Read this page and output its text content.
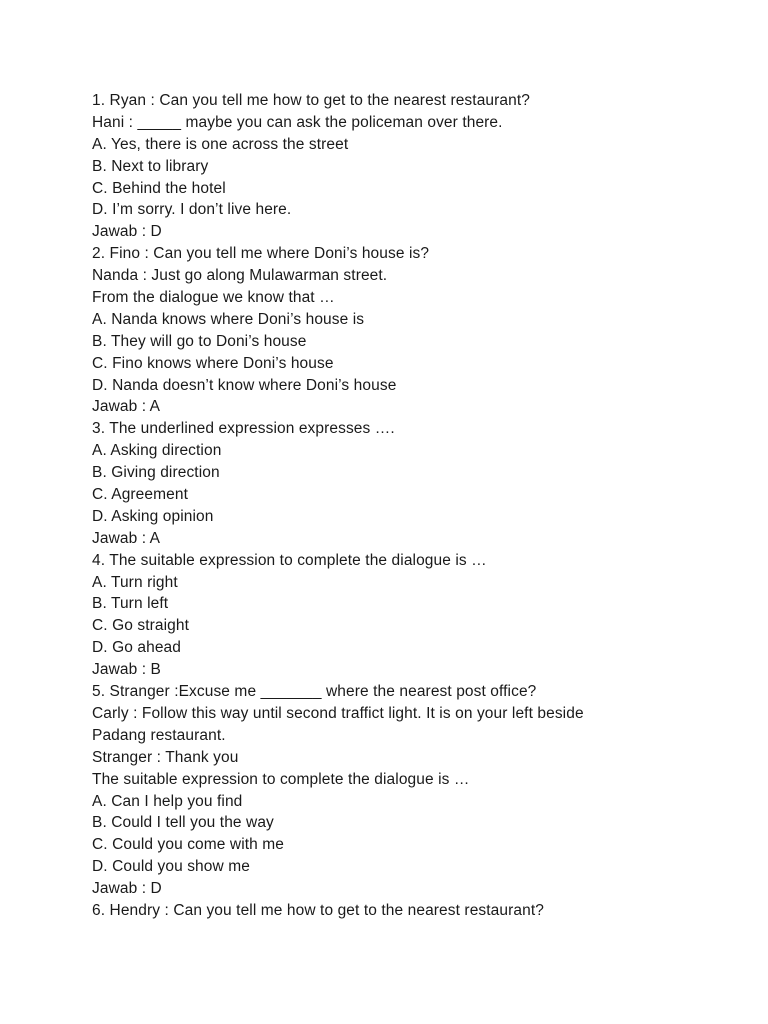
1. Ryan : Can you tell me how to get to the nearest restaurant?
Hani : _____ maybe you can ask the policeman over there.
A. Yes, there is one across the street
B. Next to library
C. Behind the hotel
D. I’m sorry. I don’t live here.
Jawab : D
2. Fino : Can you tell me where Doni’s house is?
Nanda : Just go along Mulawarman street.
From the dialogue we know that …
A. Nanda knows where Doni’s house is
B. They will go to Doni’s house
C. Fino knows where Doni’s house
D. Nanda doesn’t know where Doni’s house
Jawab : A
3. The underlined expression expresses ….
A. Asking direction
B. Giving direction
C. Agreement
D. Asking opinion
Jawab : A
4. The suitable expression to complete the dialogue is …
A. Turn right
B. Turn left
C. Go straight
D. Go ahead
Jawab : B
5. Stranger :Excuse me _______ where the nearest post office?
Carly : Follow this way until second traffict light. It is on your left beside
Padang restaurant.
Stranger : Thank you
The suitable expression to complete the dialogue is …
A. Can I help you find
B. Could I tell you the way
C. Could you come with me
D. Could you show me
Jawab : D
6. Hendry : Can you tell me how to get to the nearest restaurant?
